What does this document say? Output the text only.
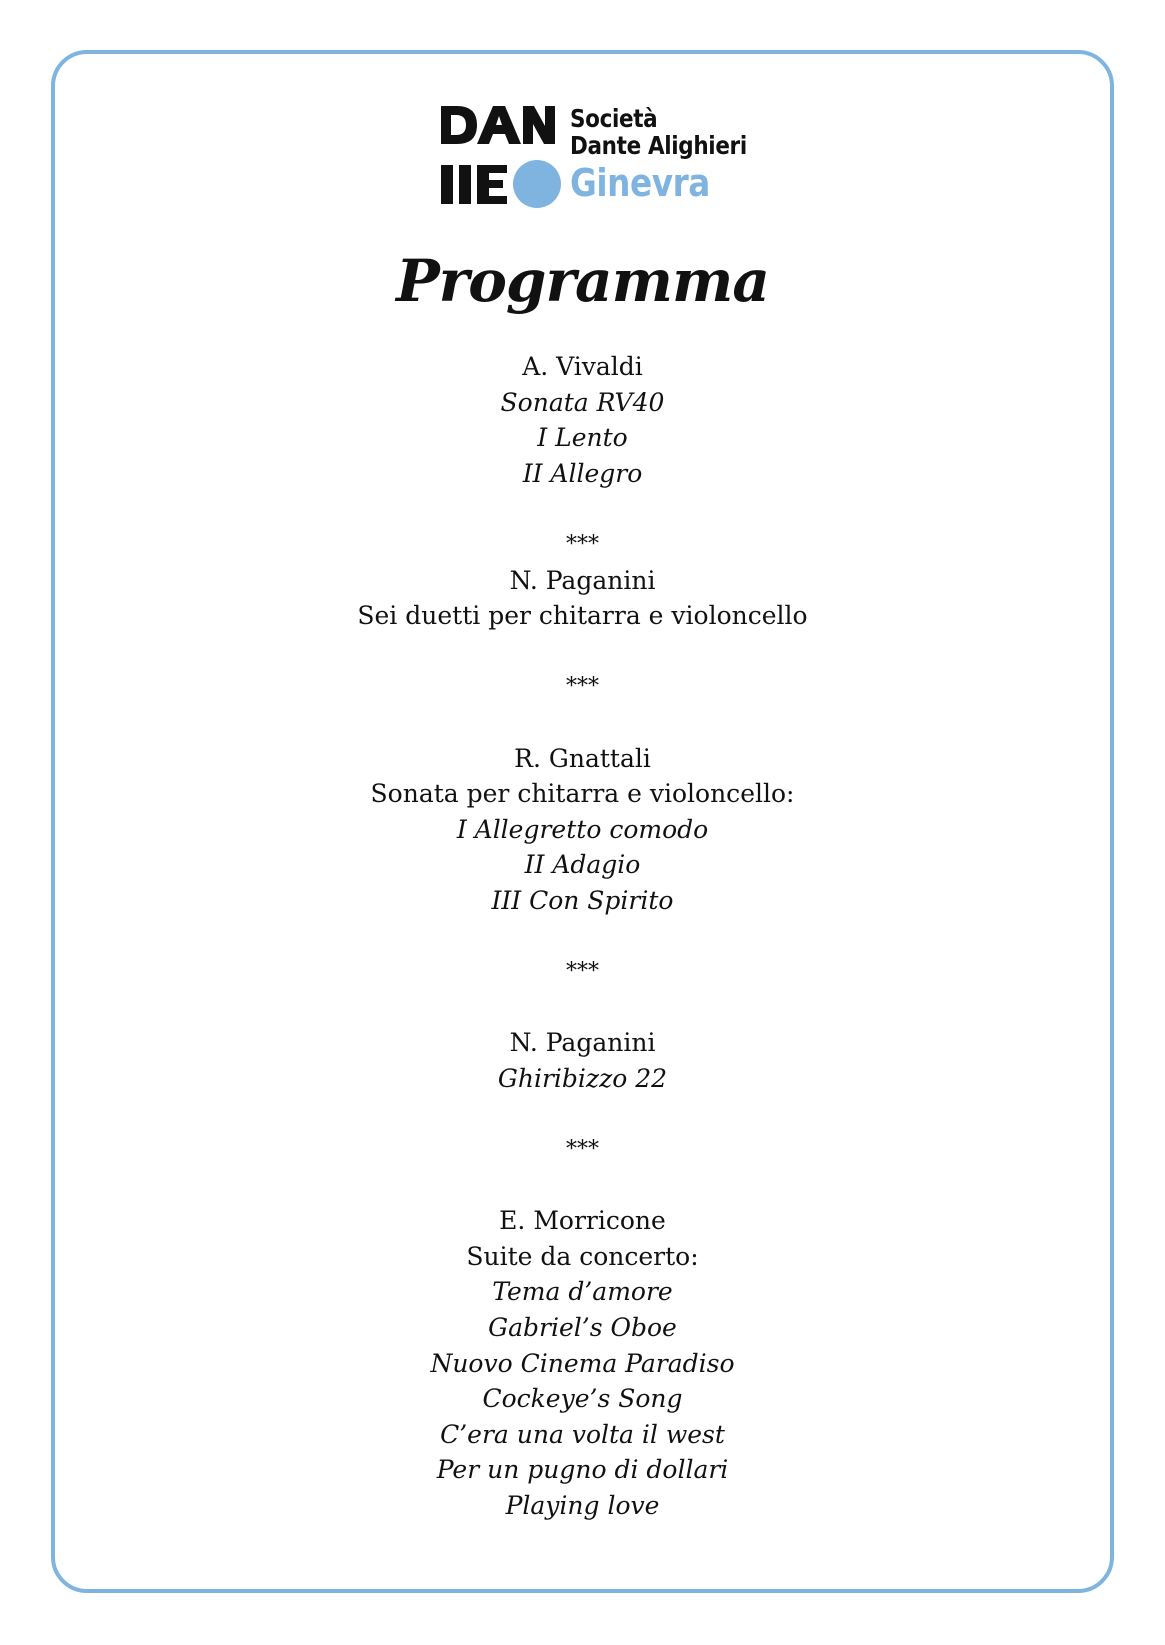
Società
Dante Alighieri
Ginevra
Programma
A. Vivaldi
Sonata RV40
I Lento
II Allegro
***
N. Paganini
Sei duetti per chitarra e violoncello
***
R. Gnattali
Sonata per chitarra e violoncello:
I Allegretto comodo
II Adagio
III Con Spirito
***
N. Paganini
Ghiribizzo 22
***
E. Morricone
Suite da concerto:
Tema d’amore
Gabriel’s Oboe
Nuovo Cinema Paradiso
Cockeye’s Song
C’era una volta il west
Per un pugno di dollari
Playing love
